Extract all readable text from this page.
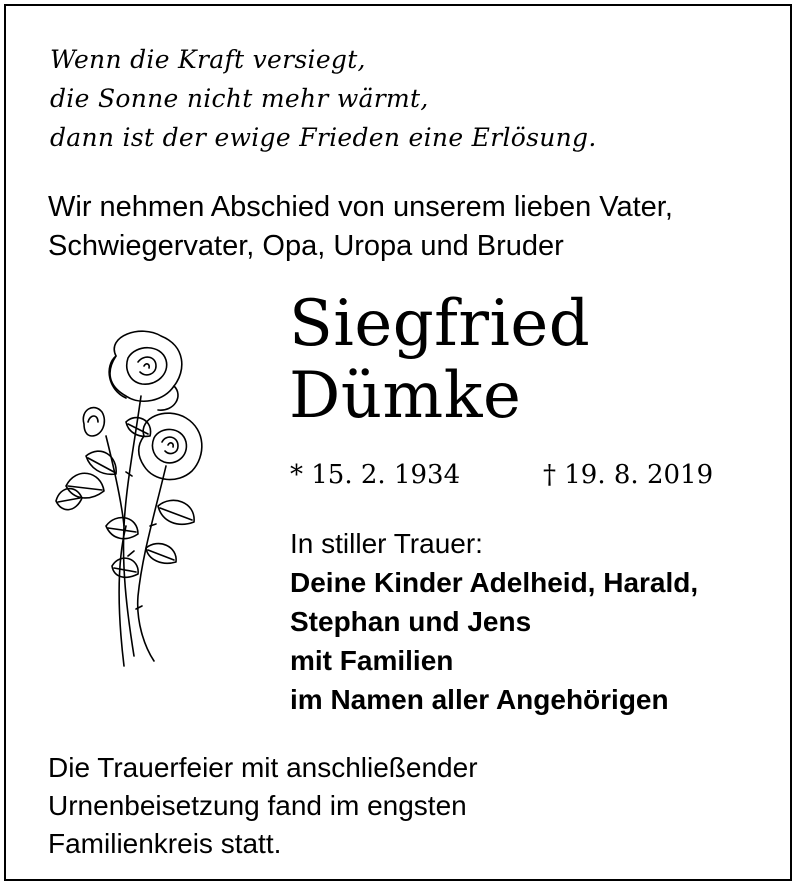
Wenn die Kraft versiegt,
die Sonne nicht mehr wärmt,
dann ist der ewige Frieden eine Erlösung.
Wir nehmen Abschied von unserem lieben Vater,
Schwiegervater, Opa, Uropa und Bruder
Siegfried
Dümke
* 15. 2. 1934	† 19. 8. 2019
In stiller Trauer:
Deine Kinder Adelheid, Harald,
Stephan und Jens
mit Familien
im Namen aller Angehörigen
Die Trauerfeier mit anschließender
Urnenbeisetzung fand im engsten
Familienkreis statt.
